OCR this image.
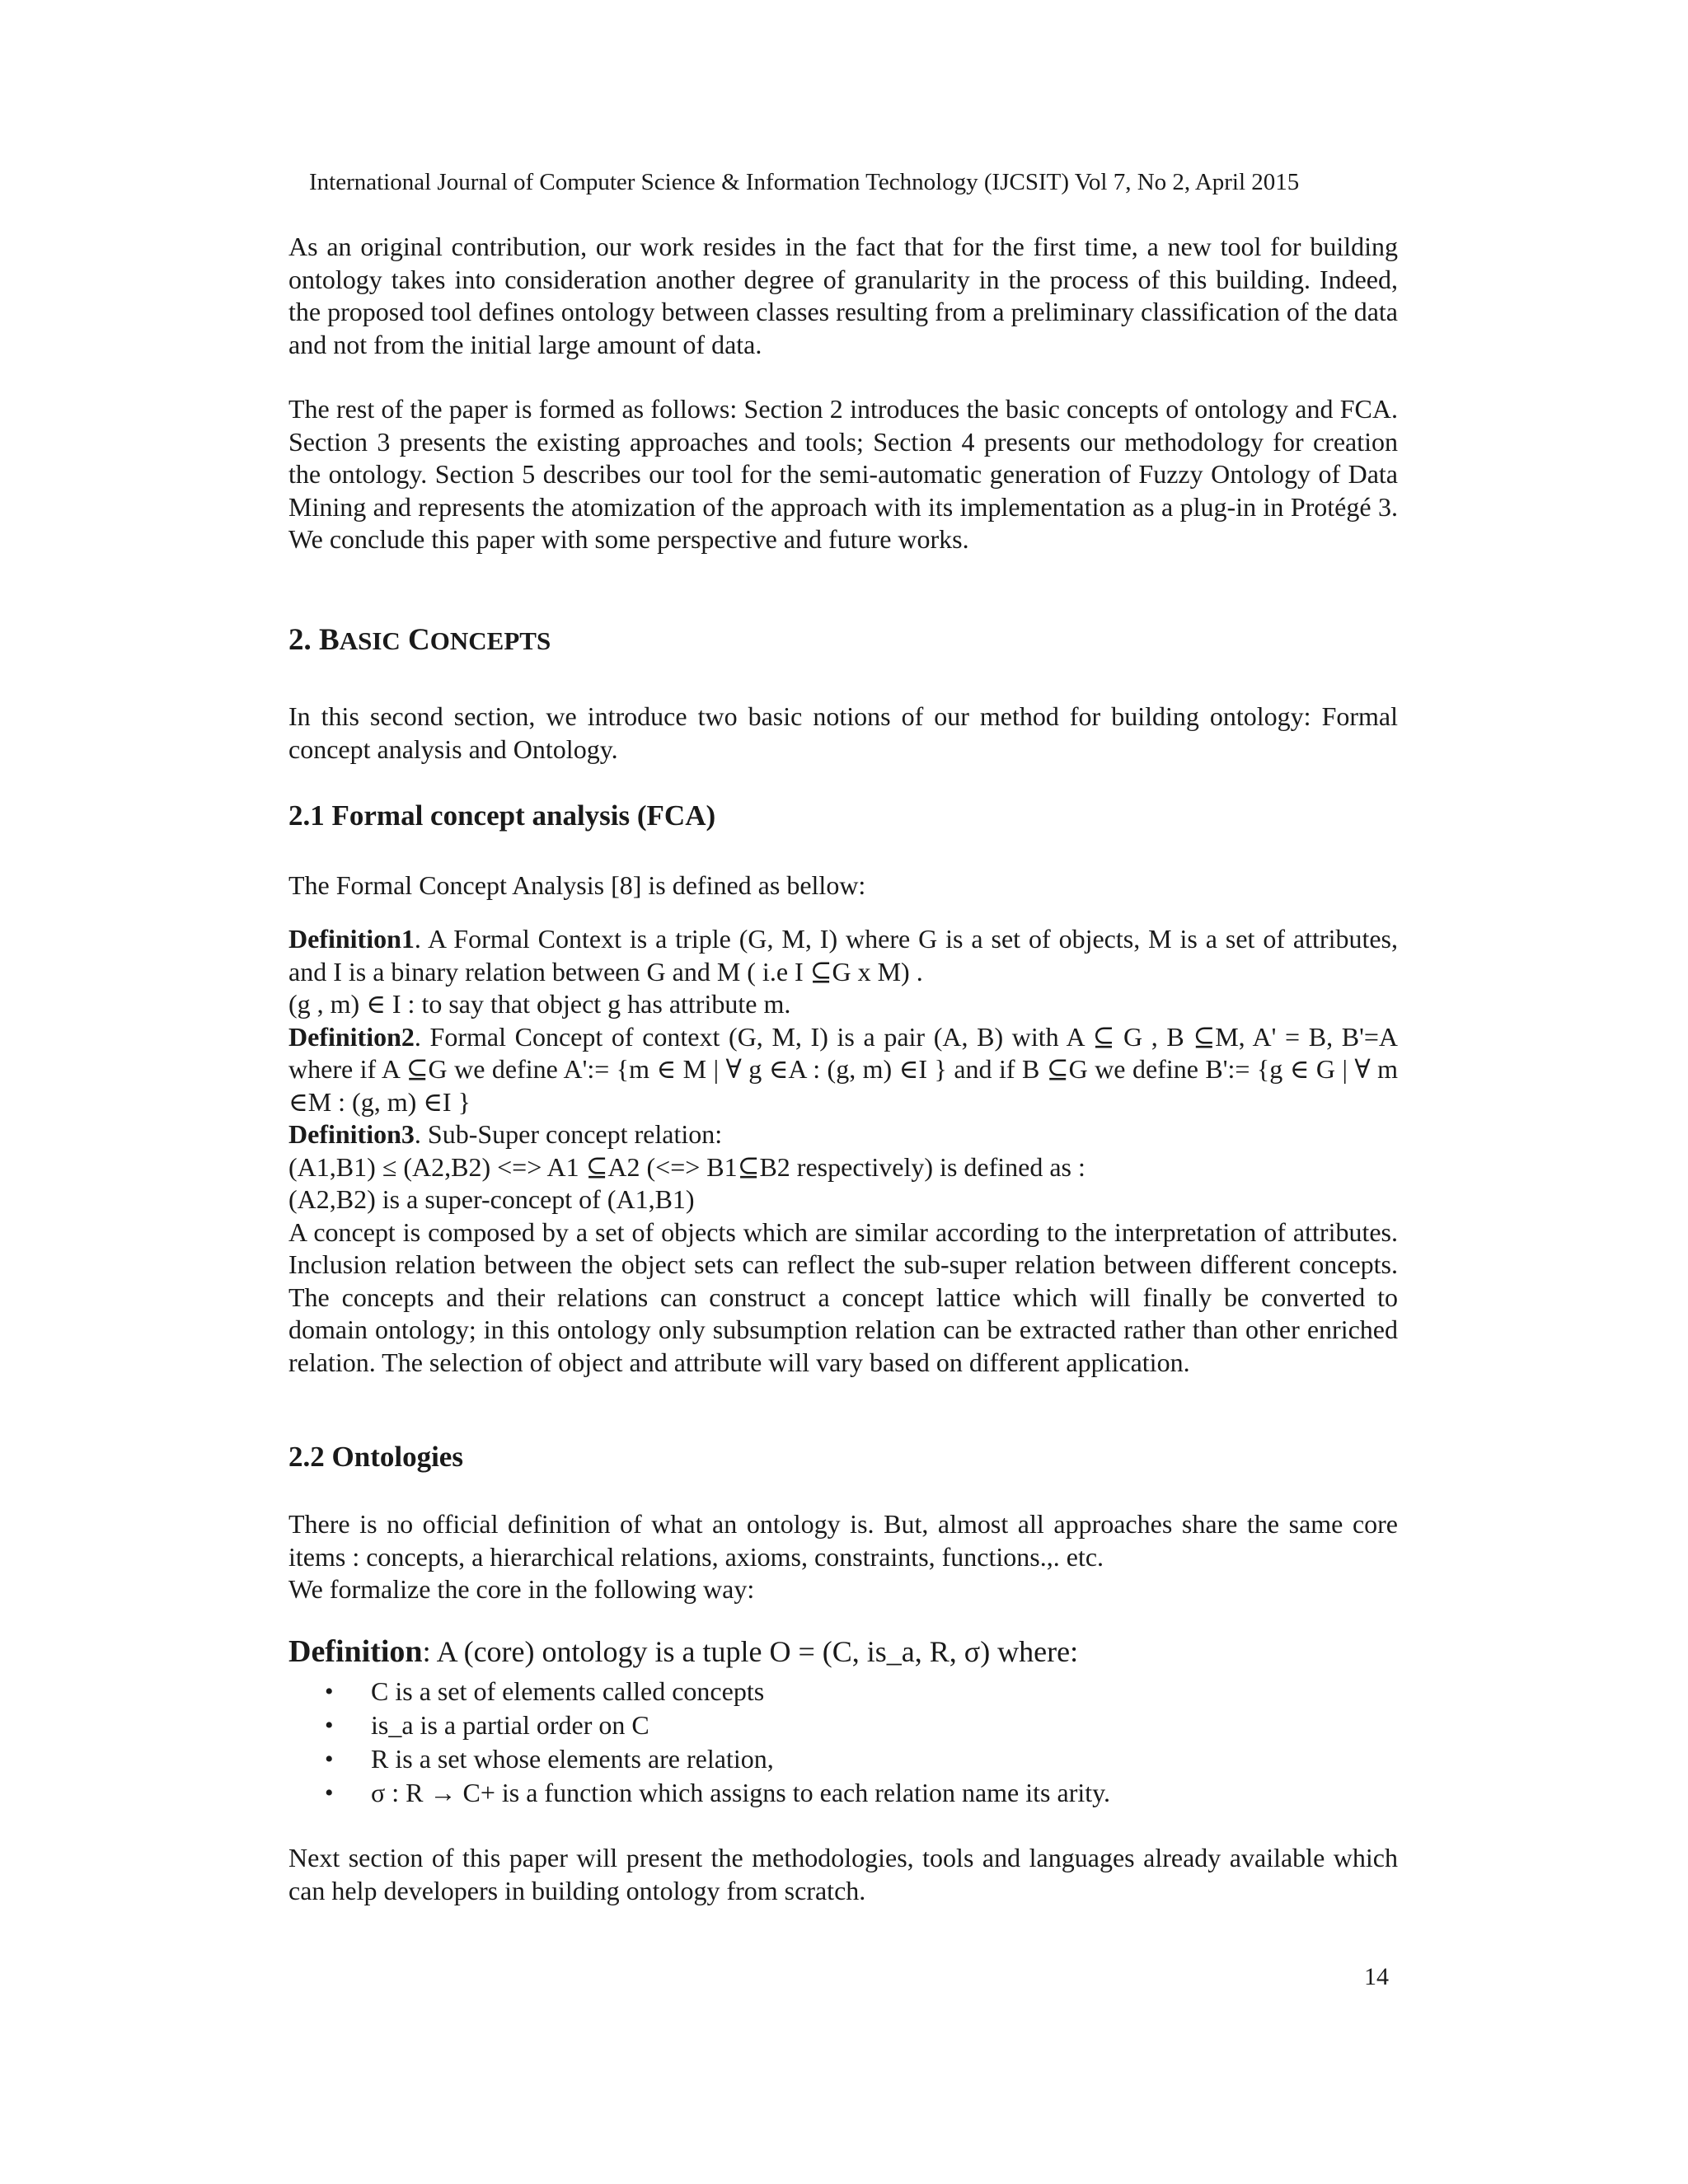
International Journal of Computer Science & Information Technology (IJCSIT) Vol 7, No 2, April 2015

As an original contribution, our work resides in the fact that for the first time, a new tool for building ontology takes into consideration another degree of granularity in the process of this building. Indeed, the proposed tool defines ontology between classes resulting from a preliminary classification of the data and not from the initial large amount of data.

The rest of the paper is formed as follows: Section 2 introduces the basic concepts of ontology and FCA. Section 3 presents the existing approaches and tools; Section 4 presents our methodology for creation the ontology. Section 5 describes our tool for the semi-automatic generation of Fuzzy Ontology of Data Mining and represents the atomization of the approach with its implementation as a plug-in in Protégé 3. We conclude this paper with some perspective and future works.

2. BASIC CONCEPTS

In this second section, we introduce two basic notions of our method for building ontology: Formal concept analysis and Ontology.

2.1 Formal concept analysis (FCA)
The Formal Concept Analysis [8] is defined as bellow:

Definition1. A Formal Context is a triple (G, M, I) where G is a set of objects, M is a set of attributes, and I is a binary relation between G and M ( i.e I ⊆G x M) .

(g , m) ∈ I : to say that object g has attribute m.

Definition2. Formal Concept of context (G, M, I) is a pair (A, B) with A ⊆ G , B ⊆M, A' = B, B'=A where if A ⊆G we define A':= {m ∈ M | ∀ g ∈A : (g, m) ∈I } and if B ⊆G we define B':= {g ∈ G | ∀ m ∈M : (g, m) ∈I }

Definition3. Sub-Super concept relation:

(A1,B1) ≤ (A2,B2) <=> A1 ⊆A2 (<=> B1⊆B2 respectively) is defined as :

(A2,B2) is a super-concept of (A1,B1)

A concept is composed by a set of objects which are similar according to the interpretation of attributes. Inclusion relation between the object sets can reflect the sub-super relation between different concepts. The concepts and their relations can construct a concept lattice which will finally be converted to domain ontology; in this ontology only subsumption relation can be extracted rather than other enriched relation. The selection of object and attribute will vary based on different application.

2.2 Ontologies

There is no official definition of what an ontology is. But, almost all approaches share the same core items : concepts, a hierarchical relations, axioms, constraints, functions.,. etc.

We formalize the core in the following way:

Definition: A (core) ontology is a tuple O = (C, is_a, R, σ) where:
• C is a set of elements called concepts
• is_a is a partial order on C
• R is a set whose elements are relation,
• σ : R → C+ is a function which assigns to each relation name its arity.

Next section of this paper will present the methodologies, tools and languages already available which can help developers in building ontology from scratch.

14
